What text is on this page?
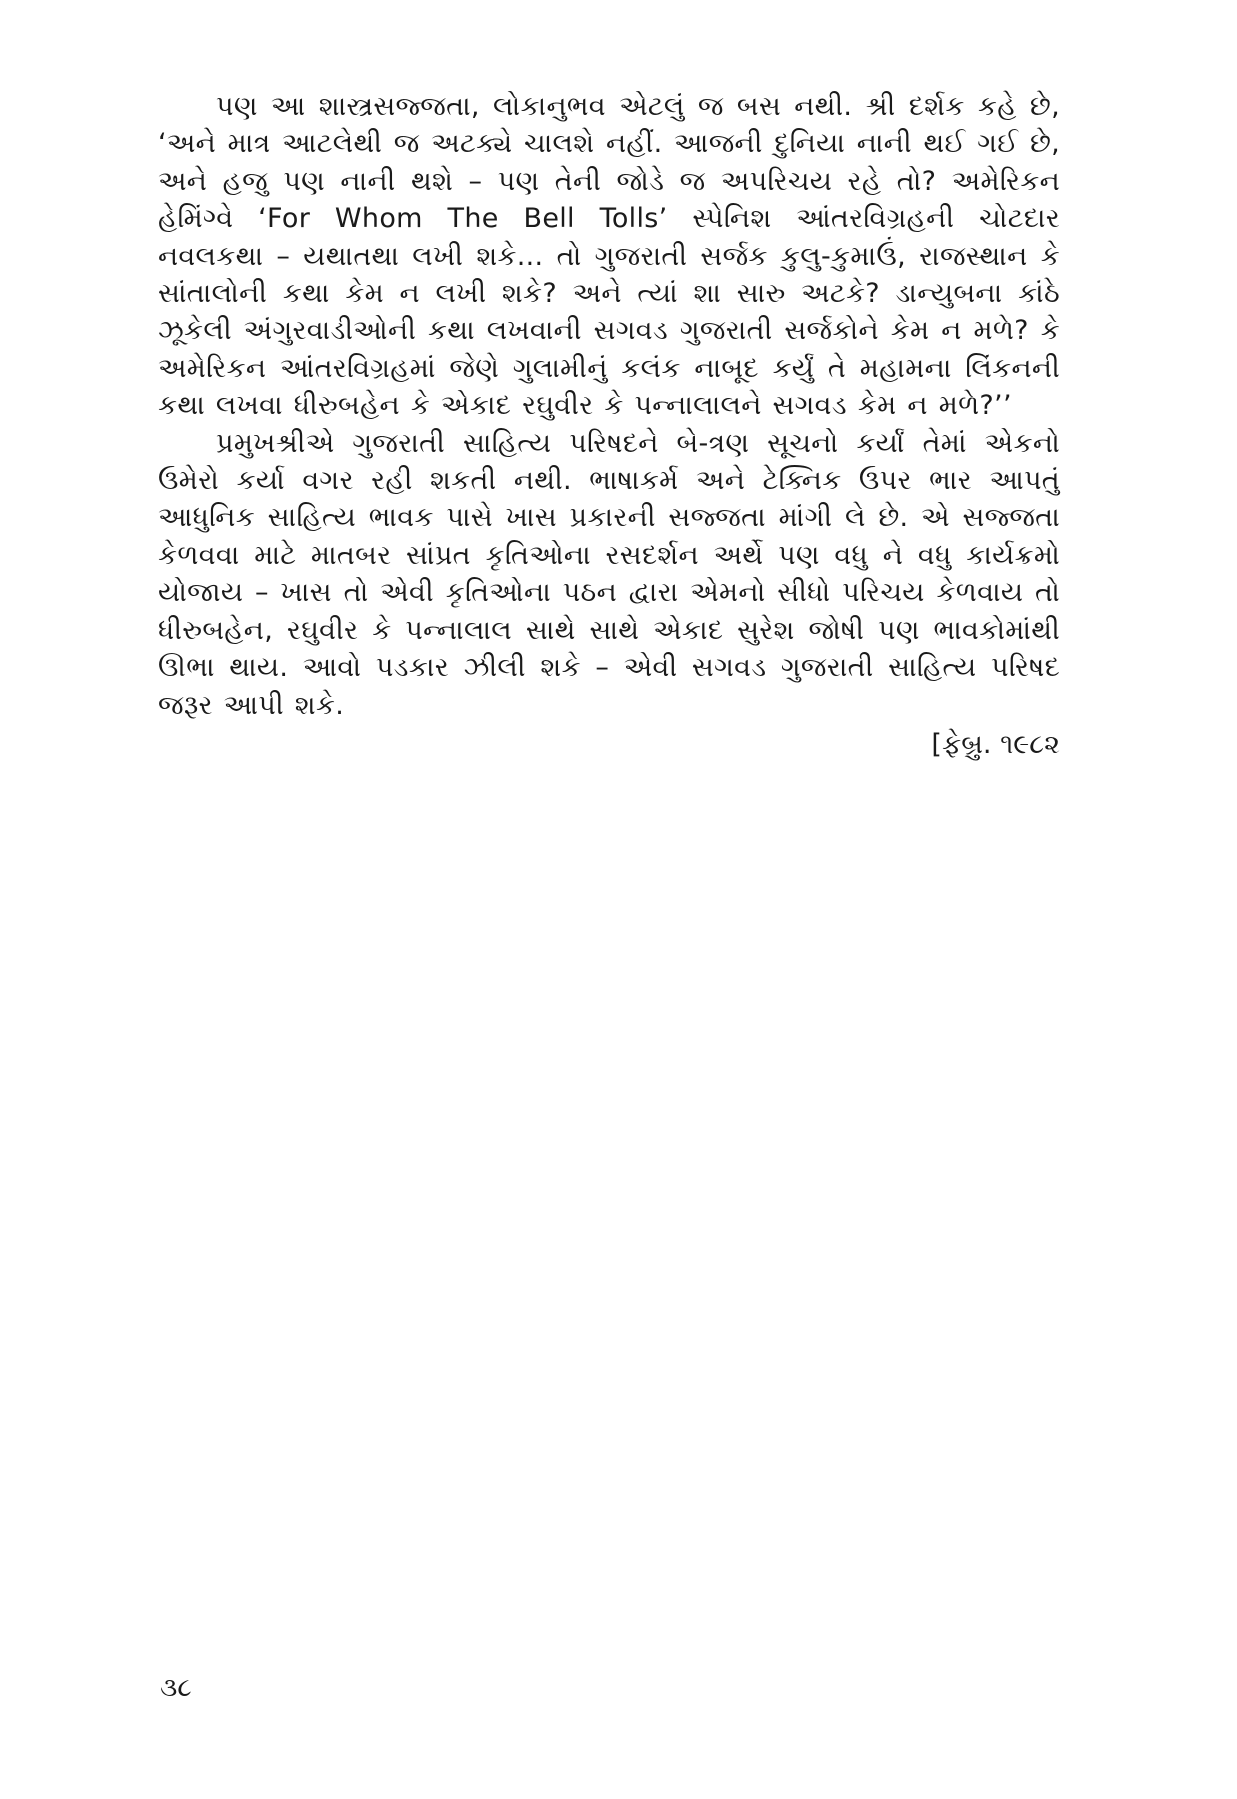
પણ આ શાસ્ત્રસજ્જતા, લોકાનુભવ એટલું જ બસ નથી. શ્રી દર્શક કહે છે, ‘અને માત્ર આટલેથી જ અટક્યે ચાલશે નહીં. આજની દુનિયા નાની થઈ ગઈ છે, અને હજુ પણ નાની થશે – પણ તેની જોડે જ અપરિચય રહે તો? અમેરિકન હેમિંગ્વે ‘For Whom The Bell Tolls’ સ્પેનિશ આંતરવિગ્રહની ચોટદાર નવલકથા – યથાતથા લખી શકે... તો ગુજરાતી સર્જક કુલુ-કુમાઉં, રાજસ્થાન કે સાંતાલોની કથા કેમ ન લખી શકે? અને ત્યાં શા સારુ અટકે? ડાન્યુબના કાંઠે ઝૂકેલી અંગુરવાડીઓની કથા લખવાની સગવડ ગુજરાતી સર્જકોને કેમ ન મળે? કે અમેરિકન આંતરવિગ્રહમાં જેણે ગુલામીનું કલંક નાબૂદ કર્યું તે મહામના લિંકનની કથા લખવા ધીરુબહેન કે એકાદ રઘુવીર કે પન્નાલાલને સગવડ કેમ ન મળે?’’

પ્રમુખશ્રીએ ગુજરાતી સાહિત્ય પરિષદને બે-ત્રણ સૂચનો કર્યાં તેમાં એકનો ઉમેરો કર્યા વગર રહી શકતી નથી. ભાષાકર્મ અને ટેક્નિક ઉપર ભાર આપતું આધુનિક સાહિત્ય ભાવક પાસે ખાસ પ્રકારની સજ્જતા માંગી લે છે. એ સજ્જતા કેળવવા માટે માતબર સાંપ્રત કૃતિઓના રસદર્શન અર્થે પણ વધુ ને વધુ કાર્યક્રમો યોજાય – ખાસ તો એવી કૃતિઓના પઠન દ્વારા એમનો સીધો પરિચય કેળવાય તો ધીરુબહેન, રઘુવીર કે પન્નાલાલ સાથે સાથે એકાદ સુરેશ જોષી પણ ભાવકોમાંથી ઊભા થાય. આવો પડકાર ઝીલી શકે – એવી સગવડ ગુજરાતી સાહિત્ય પરિષદ જરૂર આપી શકે.

[ફેબ્રુ. ૧૯૮૨

૩૮
